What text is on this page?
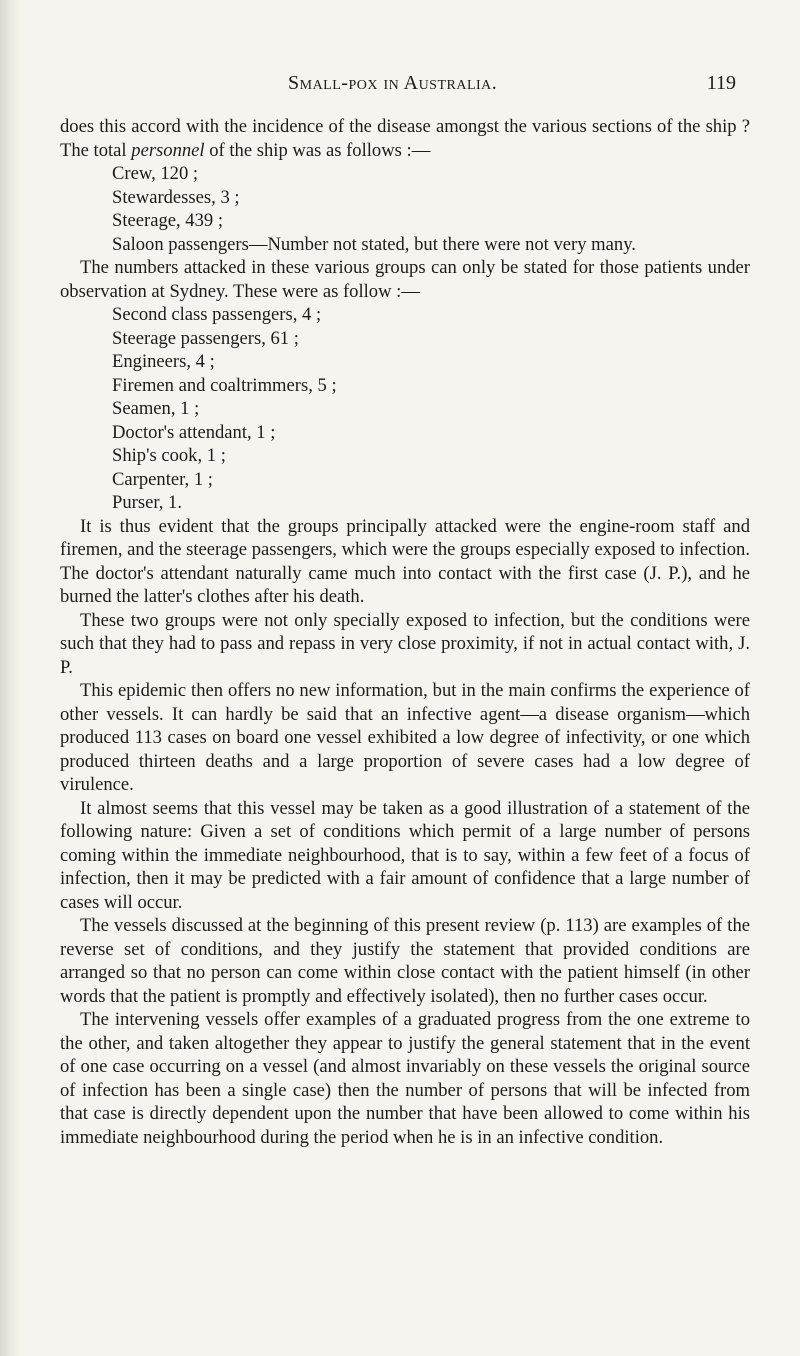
Small-pox in Australia.	119

does this accord with the incidence of the disease amongst the various sections of the ship ? The total personnel of the ship was as follows :—

Crew, 120 ;
Stewardesses, 3 ;
Steerage, 439 ;
Saloon passengers—Number not stated, but there were not very many.

The numbers attacked in these various groups can only be stated for those patients under observation at Sydney. These were as follow :—

Second class passengers, 4 ;
Steerage passengers, 61 ;
Engineers, 4 ;
Firemen and coaltrimmers, 5 ;
Seamen, 1 ;
Doctor's attendant, 1 ;
Ship's cook, 1 ;
Carpenter, 1 ;
Purser, 1.

It is thus evident that the groups principally attacked were the engine-room staff and firemen, and the steerage passengers, which were the groups especially exposed to infection. The doctor's attendant naturally came much into contact with the first case (J. P.), and he burned the latter's clothes after his death.

These two groups were not only specially exposed to infection, but the conditions were such that they had to pass and repass in very close proximity, if not in actual contact with, J. P.

This epidemic then offers no new information, but in the main confirms the experience of other vessels. It can hardly be said that an infective agent—a disease organism—which produced 113 cases on board one vessel exhibited a low degree of infectivity, or one which produced thirteen deaths and a large proportion of severe cases had a low degree of virulence.

It almost seems that this vessel may be taken as a good illustration of a statement of the following nature: Given a set of conditions which permit of a large number of persons coming within the immediate neighbourhood, that is to say, within a few feet of a focus of infection, then it may be predicted with a fair amount of confidence that a large number of cases will occur.

The vessels discussed at the beginning of this present review (p. 113) are examples of the reverse set of conditions, and they justify the statement that provided conditions are arranged so that no person can come within close contact with the patient himself (in other words that the patient is promptly and effectively isolated), then no further cases occur.

The intervening vessels offer examples of a graduated progress from the one extreme to the other, and taken altogether they appear to justify the general statement that in the event of one case occurring on a vessel (and almost invariably on these vessels the original source of infection has been a single case) then the number of persons that will be infected from that case is directly dependent upon the number that have been allowed to come within his immediate neighbourhood during the period when he is in an infective condition.
